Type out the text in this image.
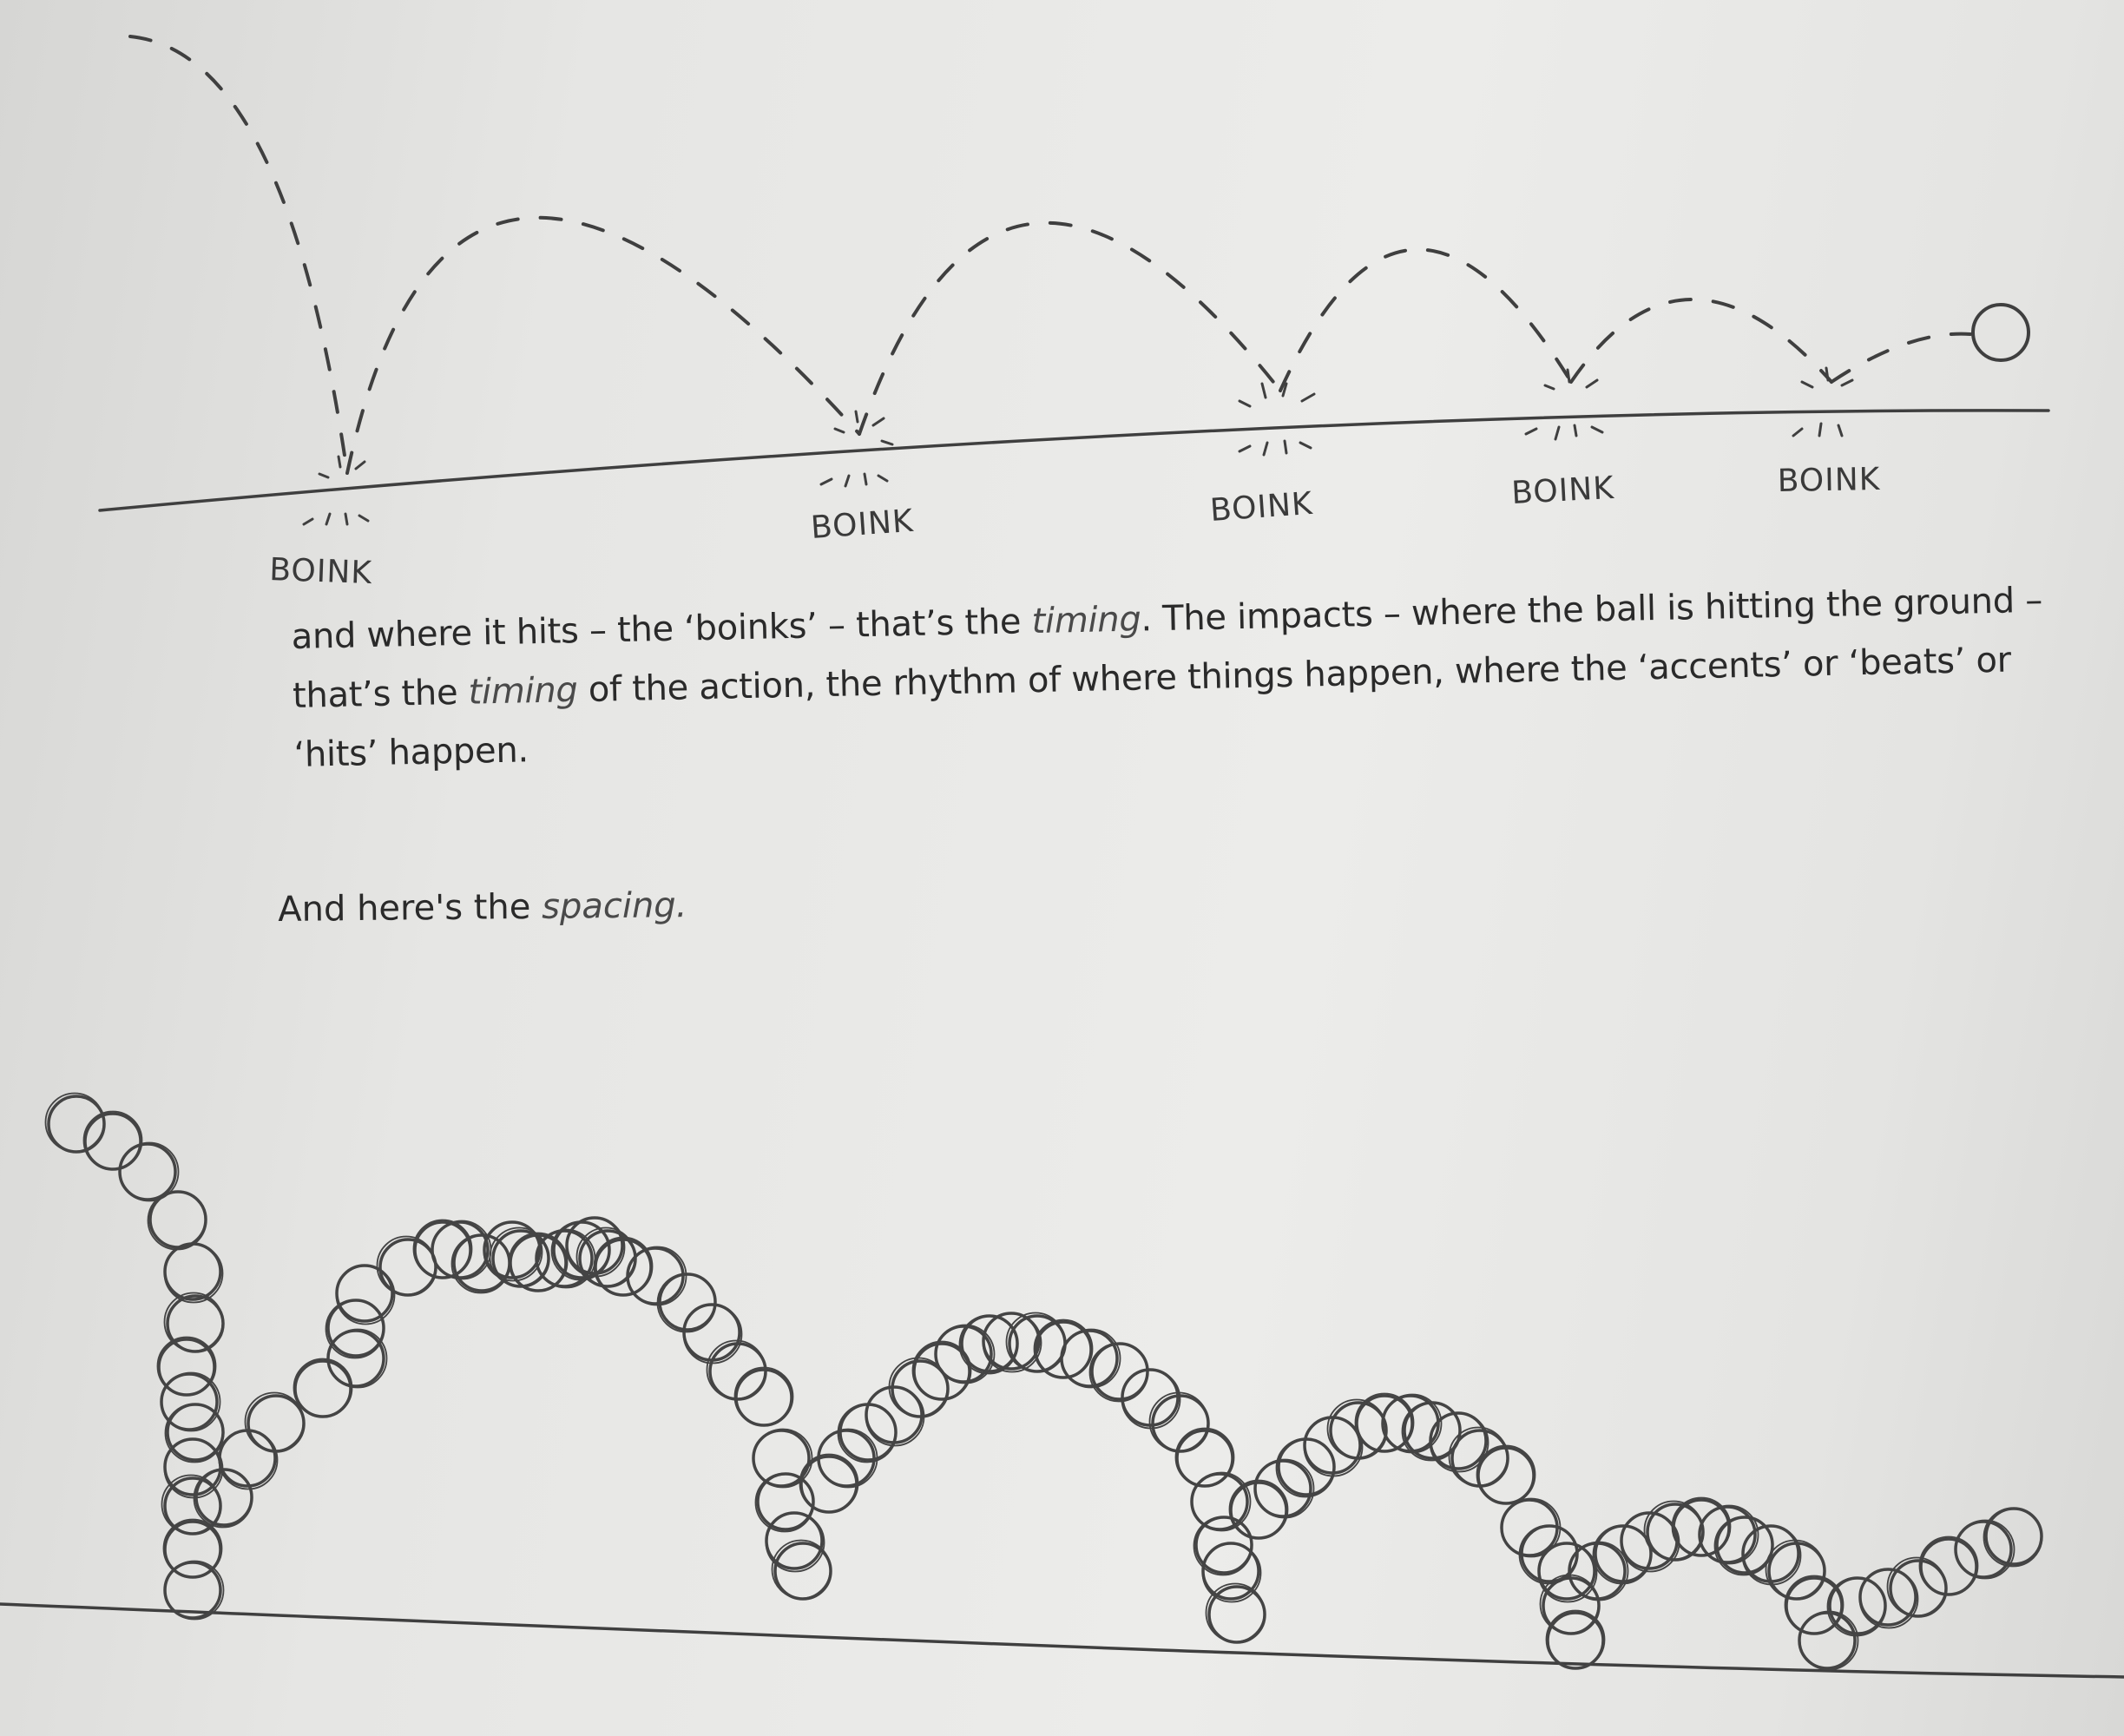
BOINK
BOINK	BOINK	BOINK	BOINK

and where it hits – the ‘boinks’ – that’s the timing. The impacts – where the ball is hitting the ground – that’s the timing of the action, the rhythm of where things happen, where the ‘accents’ or ‘beats’ or ‘hits’ happen.

And here's the spacing.
